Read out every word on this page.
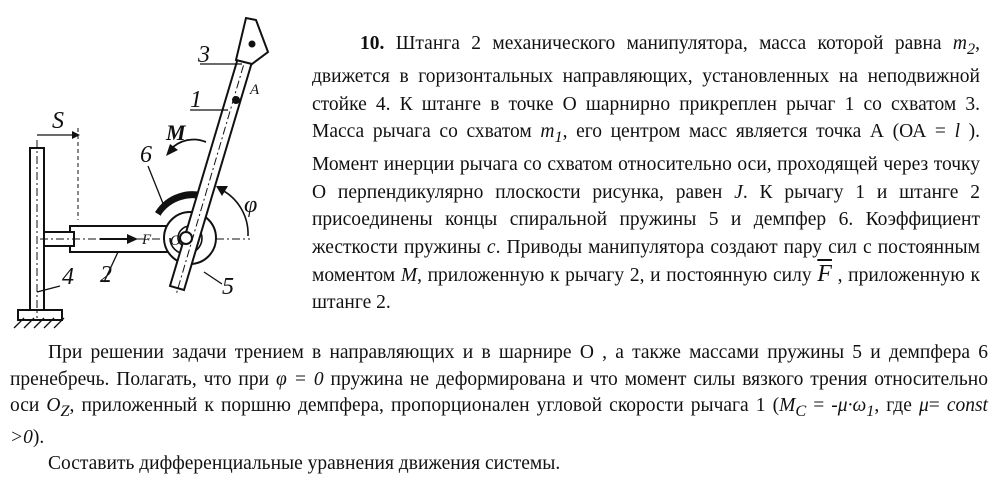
S
3
1	A
M
6
φ
F O
4 2	5

10. Штанга 2 механического манипулятора, масса которой равна $m_2$, движется в горизонтальных направляющих, установленных на неподвижной стойке 4. К штанге в точке О шарнирно прикреплен рычаг 1 со схватом 3. Масса рычага со схватом $m_1$, его центром масс является точка А (ОА = l ). Момент инерции рычага со схватом относительно оси, проходящей через точку О перпендикулярно плоскости рисунка, равен J. К рычагу 1 и штанге 2 присоединены концы спиральной пружины 5 и демпфер 6. Коэффициент жесткости пружины c. Приводы манипулятора создают пару сил с постоянным моментом M, приложенную к рычагу 2, и постоянную силу $\overline{F}$ , приложенную к штанге 2.

При решении задачи трением в направляющих и в шарнире О , а также массами пружины 5 и демпфера 6 пренебречь. Полагать, что при φ = 0 пружина не деформирована и что момент силы вязкого трения относительно оси $O_Z$, приложенный к поршню демпфера, пропорционален угловой скорости рычага 1 ($M_C = -\mu\cdot\omega_1$, где μ= const >0).

Составить дифференциальные уравнения движения системы.
